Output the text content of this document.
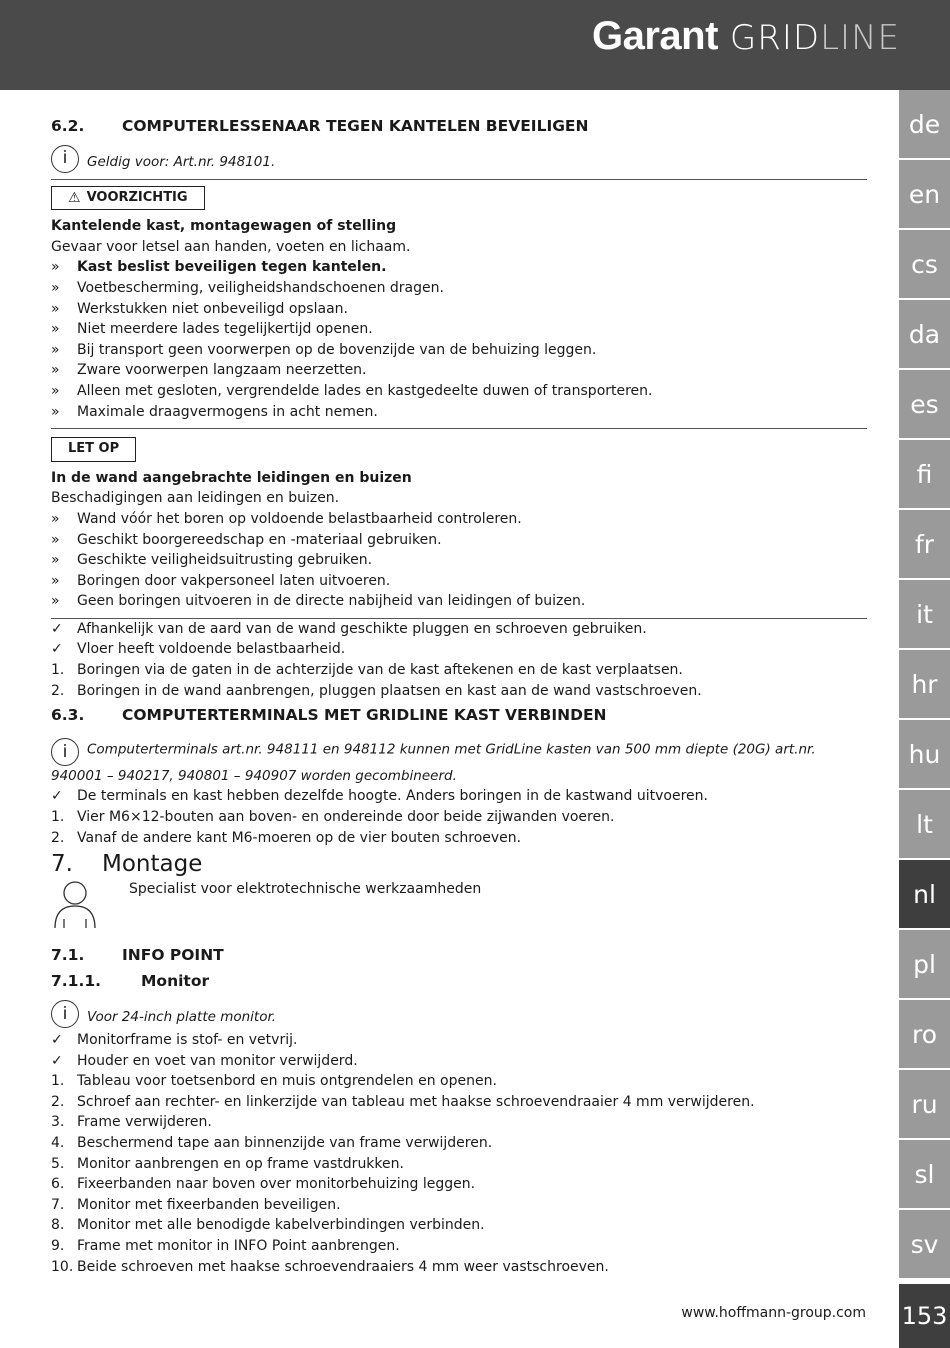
Garant GRIDLINE
de
en
cs
da
es
fi
fr
it
hr
hu
lt
nl
pl
ro
ru
sl
sv
153
6.2.	COMPUTERLESSENAAR TEGEN KANTELEN BEVEILIGEN
i	Geldig voor: Art.nr. 948101.
⚠ VOORZICHTIG
Kantelende kast, montagewagen of stelling
Gevaar voor letsel aan handen, voeten en lichaam.
»	Kast beslist beveiligen tegen kantelen.
»	Voetbescherming, veiligheidshandschoenen dragen.
»	Werkstukken niet onbeveiligd opslaan.
»	Niet meerdere lades tegelijkertijd openen.
»	Bij transport geen voorwerpen op de bovenzijde van de behuizing leggen.
»	Zware voorwerpen langzaam neerzetten.
»	Alleen met gesloten, vergrendelde lades en kastgedeelte duwen of transporteren.
»	Maximale draagvermogens in acht nemen.
LET OP
In de wand aangebrachte leidingen en buizen
Beschadigingen aan leidingen en buizen.
»	Wand vóór het boren op voldoende belastbaarheid controleren.
»	Geschikt boorgereedschap en -materiaal gebruiken.
»	Geschikte veiligheidsuitrusting gebruiken.
»	Boringen door vakpersoneel laten uitvoeren.
»	Geen boringen uitvoeren in de directe nabijheid van leidingen of buizen.
✓	Afhankelijk van de aard van de wand geschikte pluggen en schroeven gebruiken.
✓	Vloer heeft voldoende belastbaarheid.
1. Boringen via de gaten in de achterzijde van de kast aftekenen en de kast verplaatsen.
2. Boringen in de wand aanbrengen, pluggen plaatsen en kast aan de wand vastschroeven.
6.3.	COMPUTERTERMINALS MET GRIDLINE KAST VERBINDEN
i Computerterminals art.nr. 948111 en 948112 kunnen met GridLine kasten van 500 mm diepte (20G) art.nr. 940001 – 940217, 940801 – 940907 worden gecombineerd.
✓	De terminals en kast hebben dezelfde hoogte. Anders boringen in de kastwand uitvoeren.
1. Vier M6×12-bouten aan boven- en ondereinde door beide zijwanden voeren.
2. Vanaf de andere kant M6-moeren op de vier bouten schroeven.
7.	Montage
Specialist voor elektrotechnische werkzaamheden
7.1.	INFO POINT
7.1.1.	Monitor
i	Voor 24-inch platte monitor.
✓	Monitorframe is stof- en vetvrij.
✓	Houder en voet van monitor verwijderd.
1. Tableau voor toetsenbord en muis ontgrendelen en openen.
2. Schroef aan rechter- en linkerzijde van tableau met haakse schroevendraaier 4 mm verwijderen.
3. Frame verwijderen.
4. Beschermend tape aan binnenzijde van frame verwijderen.
5. Monitor aanbrengen en op frame vastdrukken.
6. Fixeerbanden naar boven over monitorbehuizing leggen.
7. Monitor met fixeerbanden beveiligen.
8. Monitor met alle benodigde kabelverbindingen verbinden.
9. Frame met monitor in INFO Point aanbrengen.
10. Beide schroeven met haakse schroevendraaiers 4 mm weer vastschroeven.
www.hoffmann-group.com
